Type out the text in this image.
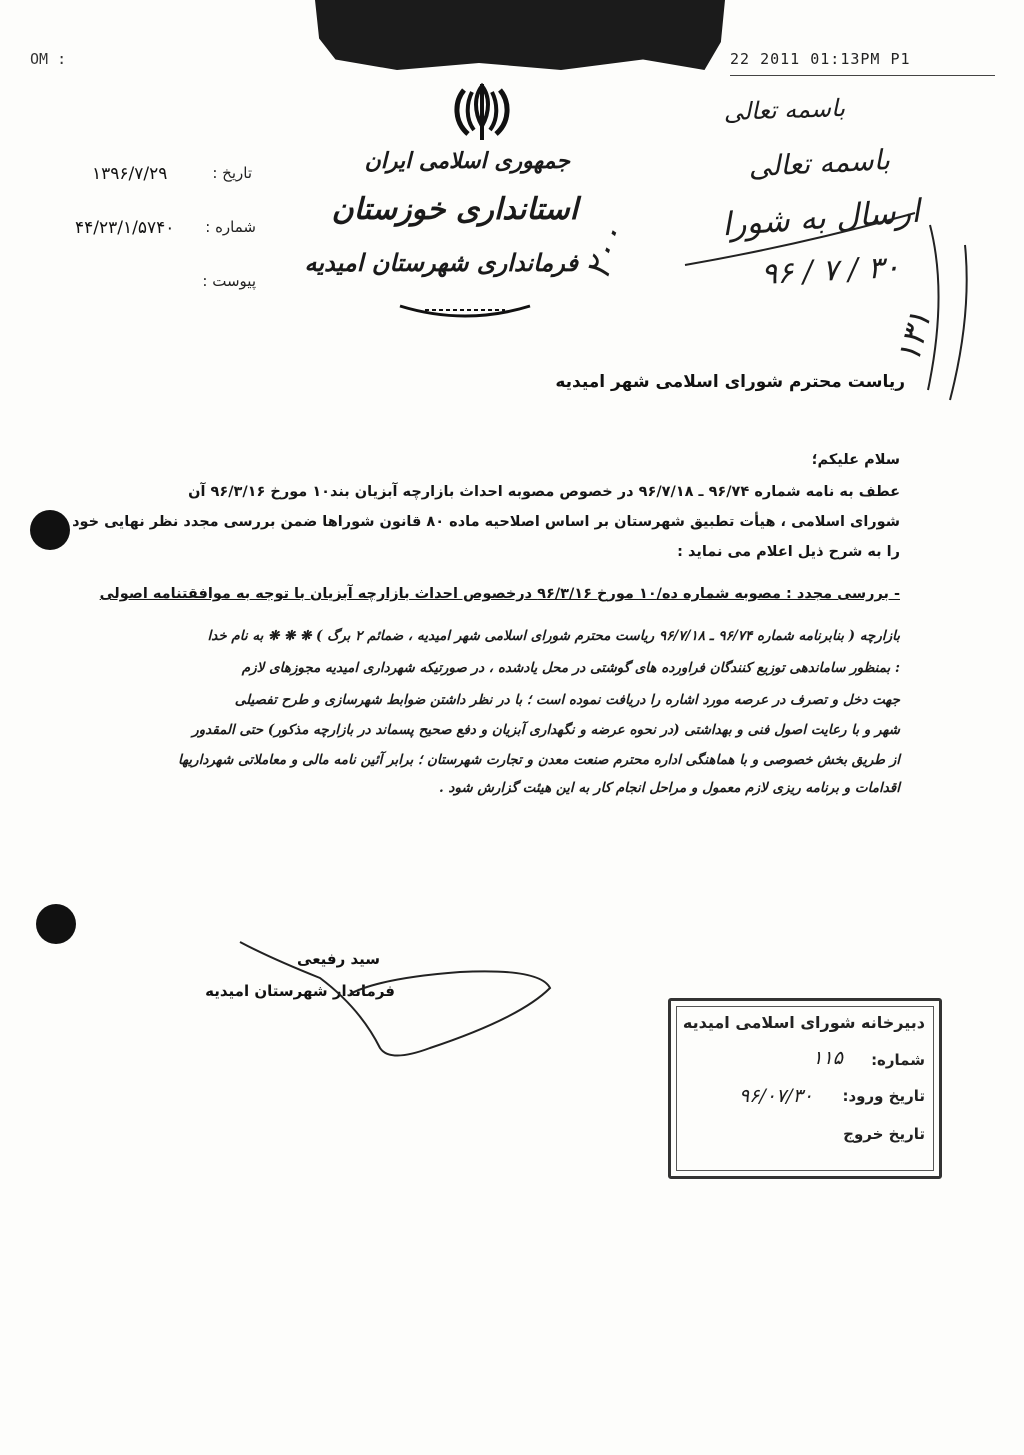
OM :	22 2011 01:13PM P1
جمهوری اسلامی ایران
استانداری خوزستان
فرمانداری شهرستان امیدیه
تاریخ :
۱۳۹۶/۷/۲۹
شماره :
۴۴/۲۳/۱/۵۷۴۰
پیوست :
باسمه تعالی
باسمه تعالی
ارسال به شورا
۳۰ / ۷ / ۹۶
۲۰۰
۱۳۱
ریاست محترم شورای اسلامی شهر امیدیه
سلام علیکم؛
عطف به نامه شماره ۹۶/۷۴ ـ ۹۶/۷/۱۸ در خصوص مصوبه احداث بازارچه آبزیان بند۱۰ مورخ ۹۶/۳/۱۶ آن
شورای اسلامی ، هیأت تطبیق شهرستان بر اساس اصلاحیه ماده ۸۰ قانون شوراها ضمن بررسی مجدد نظر نهایی خود
را به شرح ذیل اعلام می نماید :
- بررسی مجدد : مصوبه شماره ده/۱۰ مورخ ۹۶/۳/۱۶ درخصوص احداث بازارچه آبزیان با توجه به موافقتنامه اصولی
بازارچه ( بنابرنامه شماره ۹۶/۷۴ ـ ۹۶/۷/۱۸ ریاست محترم شورای اسلامی شهر امیدیه ، ضمائم ۲ برگ ) ❋ ❋ ❋ به نام خدا
: بمنظور ساماندهی توزیع کنندگان فراورده های گوشتی در محل یادشده ، در صورتیکه شهرداری امیدیه مجوزهای لازم
جهت دخل و تصرف در عرصه مورد اشاره را دریافت نموده است ؛ با در نظر داشتن ضوابط شهرسازی و طرح تفصیلی
شهر و با رعایت اصول فنی و بهداشتی (در نحوه عرضه و نگهداری آبزیان و دفع صحیح پسماند در بازارچه مذکور) حتی المقدور
از طریق بخش خصوصی و با هماهنگی اداره محترم صنعت معدن و تجارت شهرستان ؛ برابر آئین نامه مالی و معاملاتی شهرداریها
اقدامات و برنامه ریزی لازم معمول و مراحل انجام کار به این هیئت گزارش شود .
سید رفیعی
فرماندار شهرستان امیدیه
دبیرخانه شورای اسلامی امیدیه
شماره:
۱۱۵
تاریخ ورود:
۹۶/۰۷/۳۰
تاریخ خروج
